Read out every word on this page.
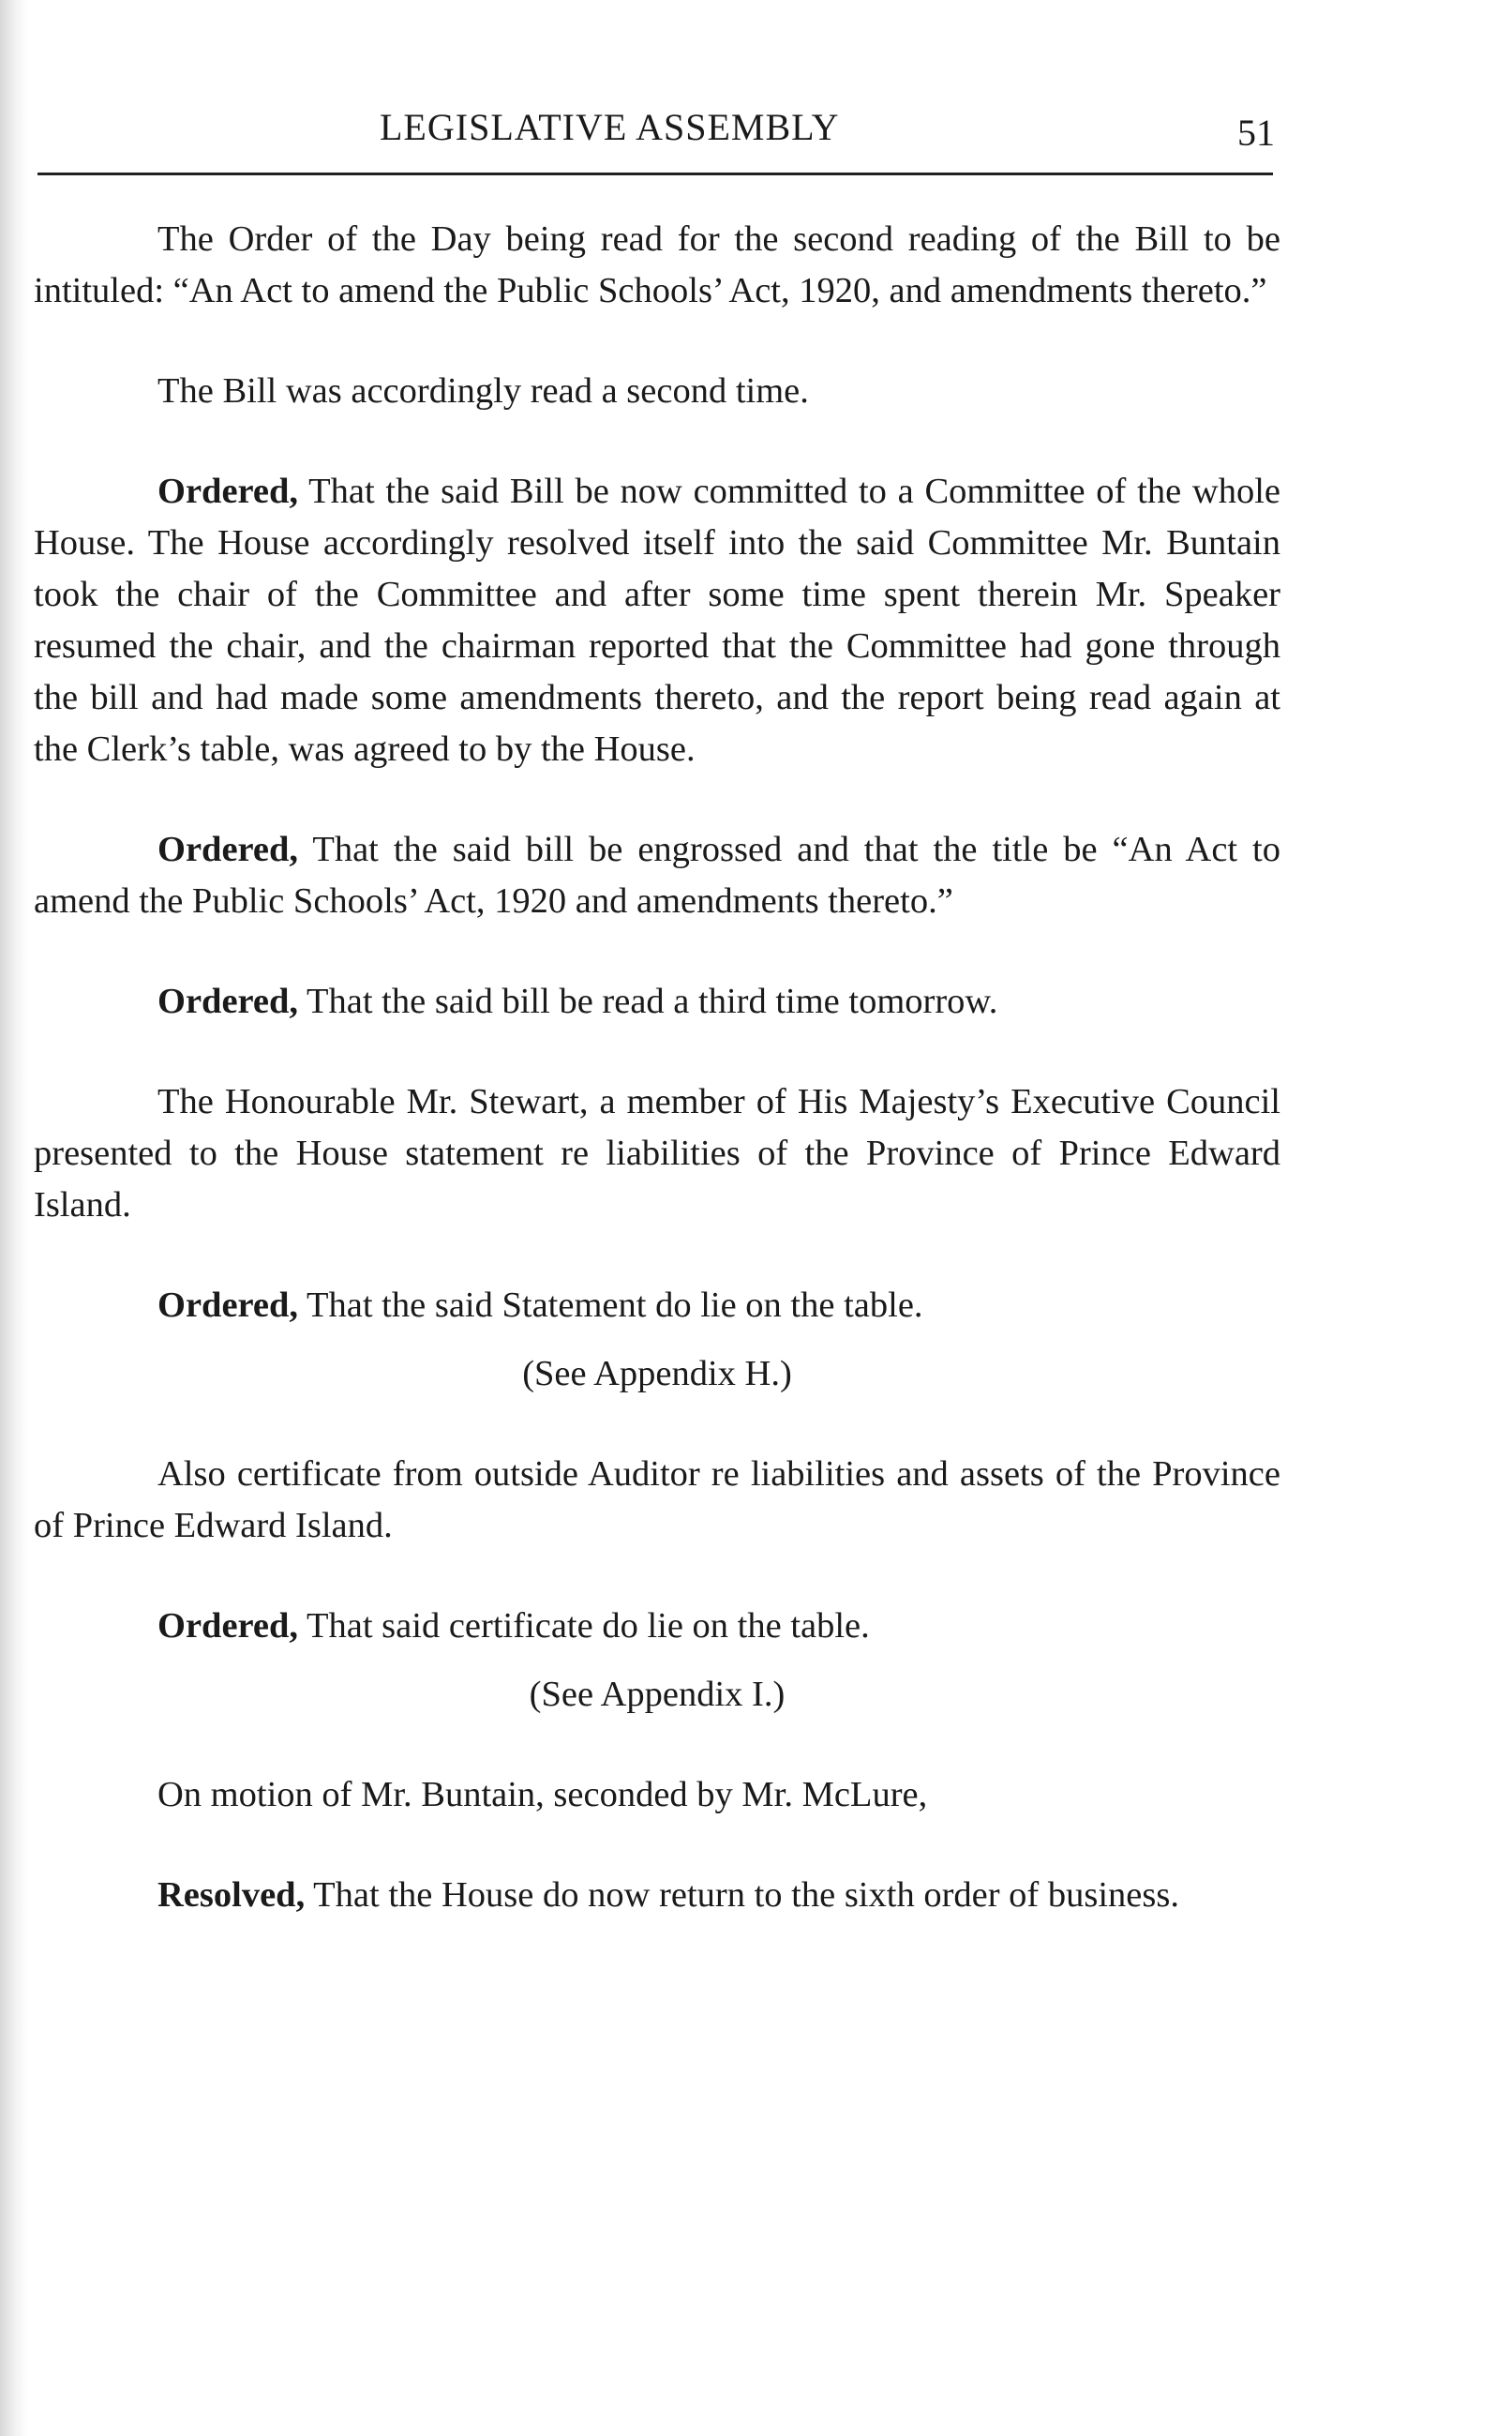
LEGISLATIVE ASSEMBLY	51

The Order of the Day being read for the second reading of the Bill to be intituled: “An Act to amend the Public Schools’ Act, 1920, and amendments thereto.”

The Bill was accordingly read a second time.

Ordered, That the said Bill be now committed to a Committee of the whole House. The House accordingly resolved itself into the said Committee Mr. Buntain took the chair of the Committee and after some time spent therein Mr. Speaker resumed the chair, and the chairman reported that the Committee had gone through the bill and had made some amendments thereto, and the report being read again at the Clerk’s table, was agreed to by the House.

Ordered, That the said bill be engrossed and that the title be “An Act to amend the Public Schools’ Act, 1920 and amendments thereto.”

Ordered, That the said bill be read a third time tomorrow.

The Honourable Mr. Stewart, a member of His Majesty’s Executive Council presented to the House statement re liabilities of the Province of Prince Edward Island.

Ordered, That the said Statement do lie on the table.

(See Appendix H.)

Also certificate from outside Auditor re liabilities and assets of the Province of Prince Edward Island.

Ordered, That said certificate do lie on the table.

(See Appendix I.)

On motion of Mr. Buntain, seconded by Mr. McLure,

Resolved, That the House do now return to the sixth order of business.
